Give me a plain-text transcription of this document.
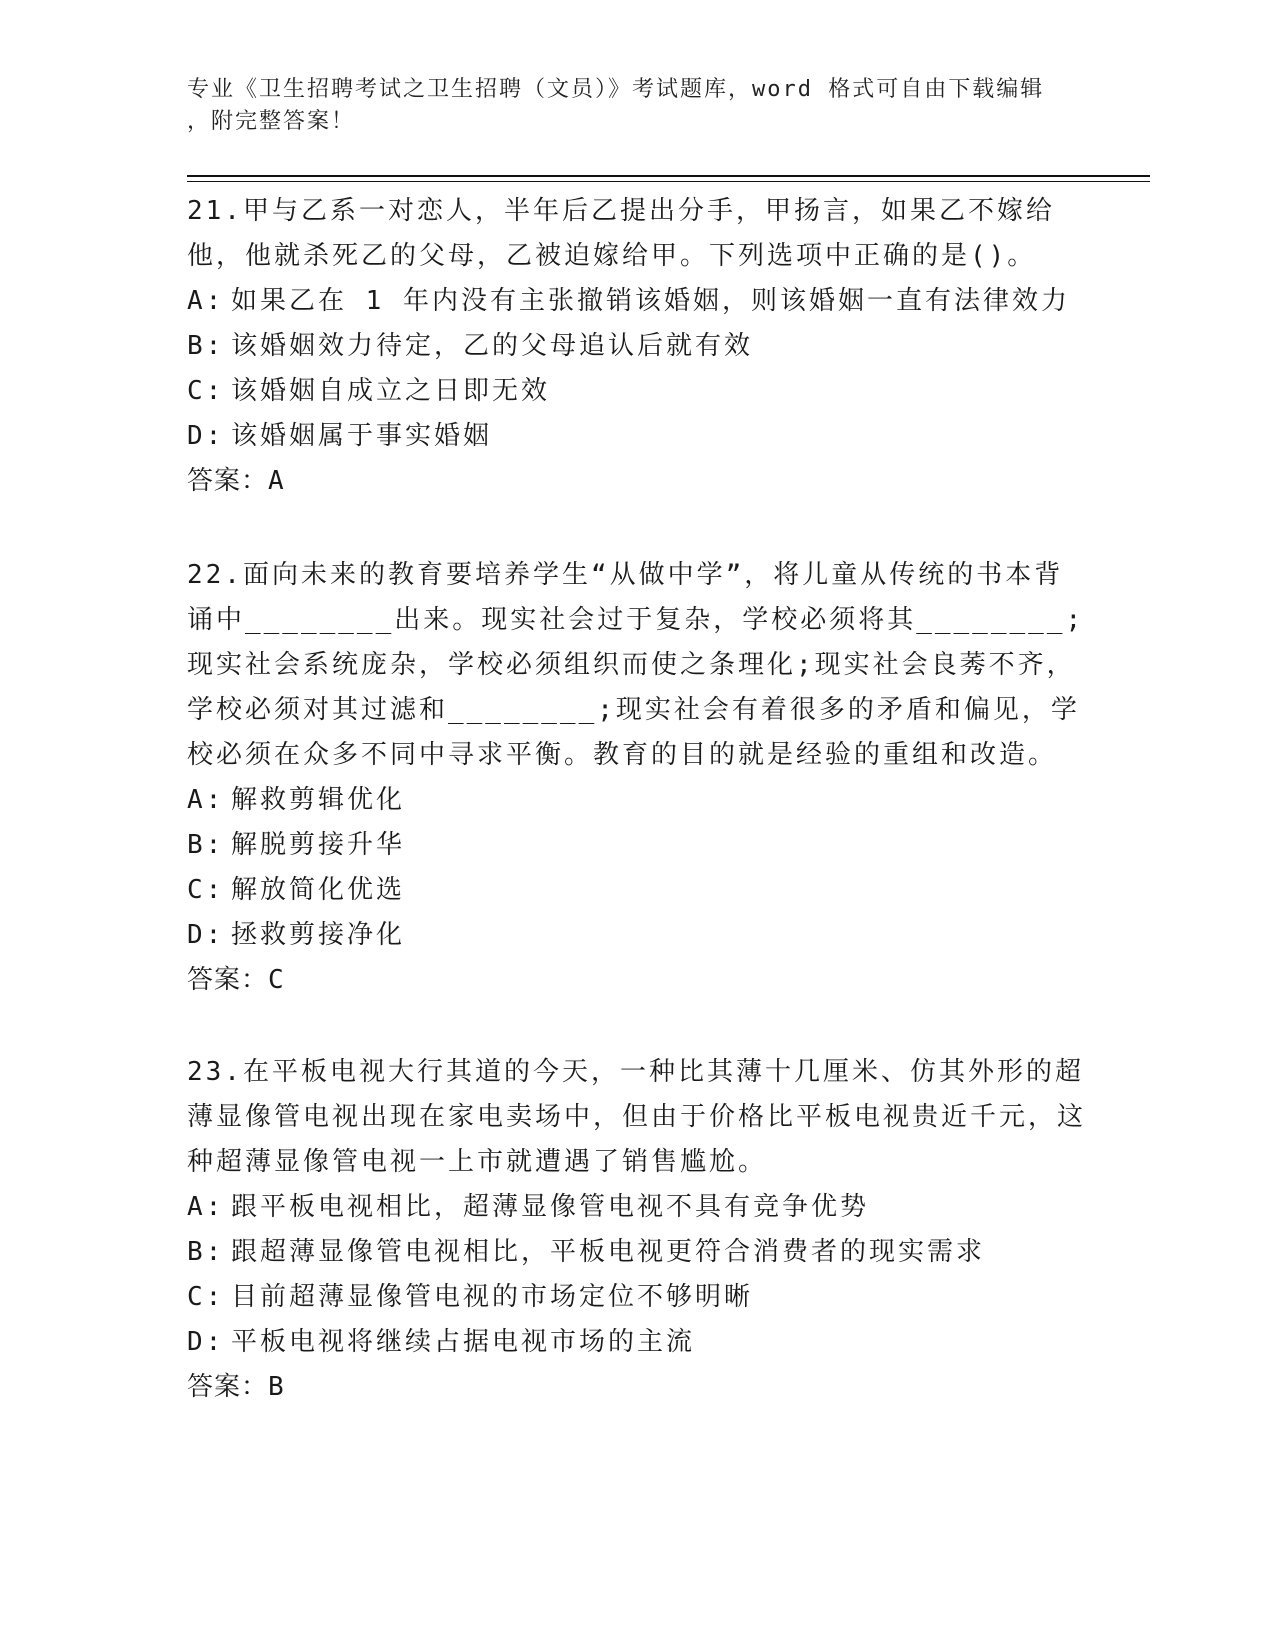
专业《卫生招聘考试之卫生招聘（文员）》考试题库，word 格式可自由下载编辑
，附完整答案！

21.甲与乙系一对恋人，半年后乙提出分手，甲扬言，如果乙不嫁给他，他就杀死乙的父母，乙被迫嫁给甲。下列选项中正确的是()。

A: 如果乙在 1 年内没有主张撤销该婚姻，则该婚姻一直有法律效力

B: 该婚姻效力待定，乙的父母追认后就有效

C: 该婚姻自成立之日即无效

D: 该婚姻属于事实婚姻

答案：A

22.面向未来的教育要培养学生“从做中学”，将儿童从传统的书本背诵中________出来。现实社会过于复杂，学校必须将其________;现实社会系统庞杂，学校必须组织而使之条理化;现实社会良莠不齐，学校必须对其过滤和________;现实社会有着很多的矛盾和偏见，学校必须在众多不同中寻求平衡。教育的目的就是经验的重组和改造。

A: 解救剪辑优化

B: 解脱剪接升华

C: 解放简化优选

D: 拯救剪接净化

答案：C

23.在平板电视大行其道的今天，一种比其薄十几厘米、仿其外形的超薄显像管电视出现在家电卖场中，但由于价格比平板电视贵近千元，这种超薄显像管电视一上市就遭遇了销售尴尬。

A: 跟平板电视相比，超薄显像管电视不具有竞争优势

B: 跟超薄显像管电视相比，平板电视更符合消费者的现实需求

C: 目前超薄显像管电视的市场定位不够明晰

D: 平板电视将继续占据电视市场的主流

答案：B
